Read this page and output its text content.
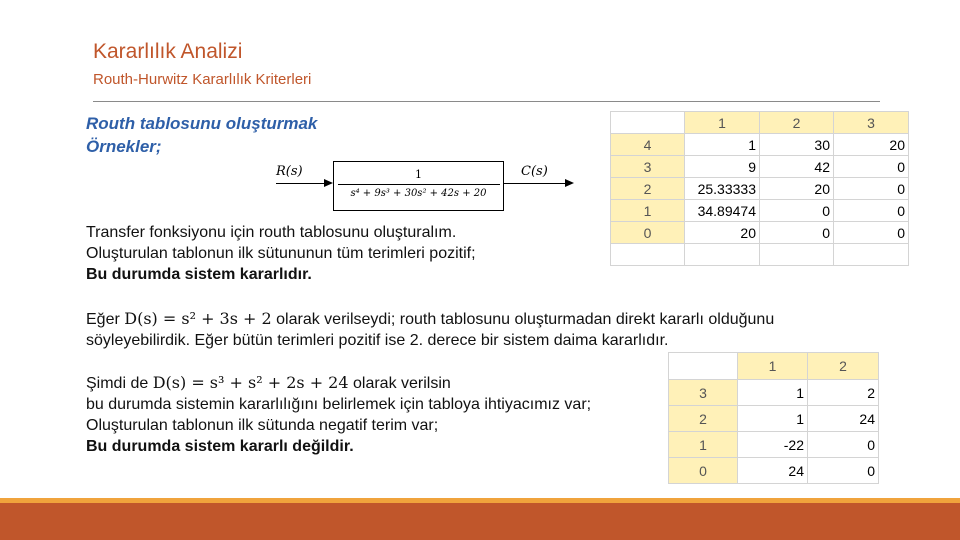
Kararlılık Analizi
Routh-Hurwitz Kararlılık Kriterleri
Routh tablosunu oluşturmak
Örnekler;
R(s)	1
s⁴ + 9s³ + 30s² + 42s + 20
C(s)
Transfer fonksiyonu için routh tablosunu oluşturalım.
Oluşturulan tablonun ilk sütununun tüm terimleri pozitif;
Bu durumda sistem kararlıdır.
Eğer D(s) = s² + 3s + 2 olarak verilseydi; routh tablosunu oluşturmadan direkt kararlı olduğunu
söyleyebilirdik. Eğer bütün terimleri pozitif ise 2. derece bir sistem daima kararlıdır.
Şimdi de D(s) = s³ + s² + 2s + 24 olarak verilsin
bu durumda sistemin kararlılığını belirlemek için tabloya ihtiyacımız var;
Oluşturulan tablonun ilk sütunda negatif terim var;
Bu durumda sistem kararlı değildir.
	1	2	3
4	1	30	20
3	9	42	0
2	25.33333	20	0
1	34.89474	0	0
0	20	0	0

	1	2
3	1	2
2	1	24
1	-22	0
0	24	0
